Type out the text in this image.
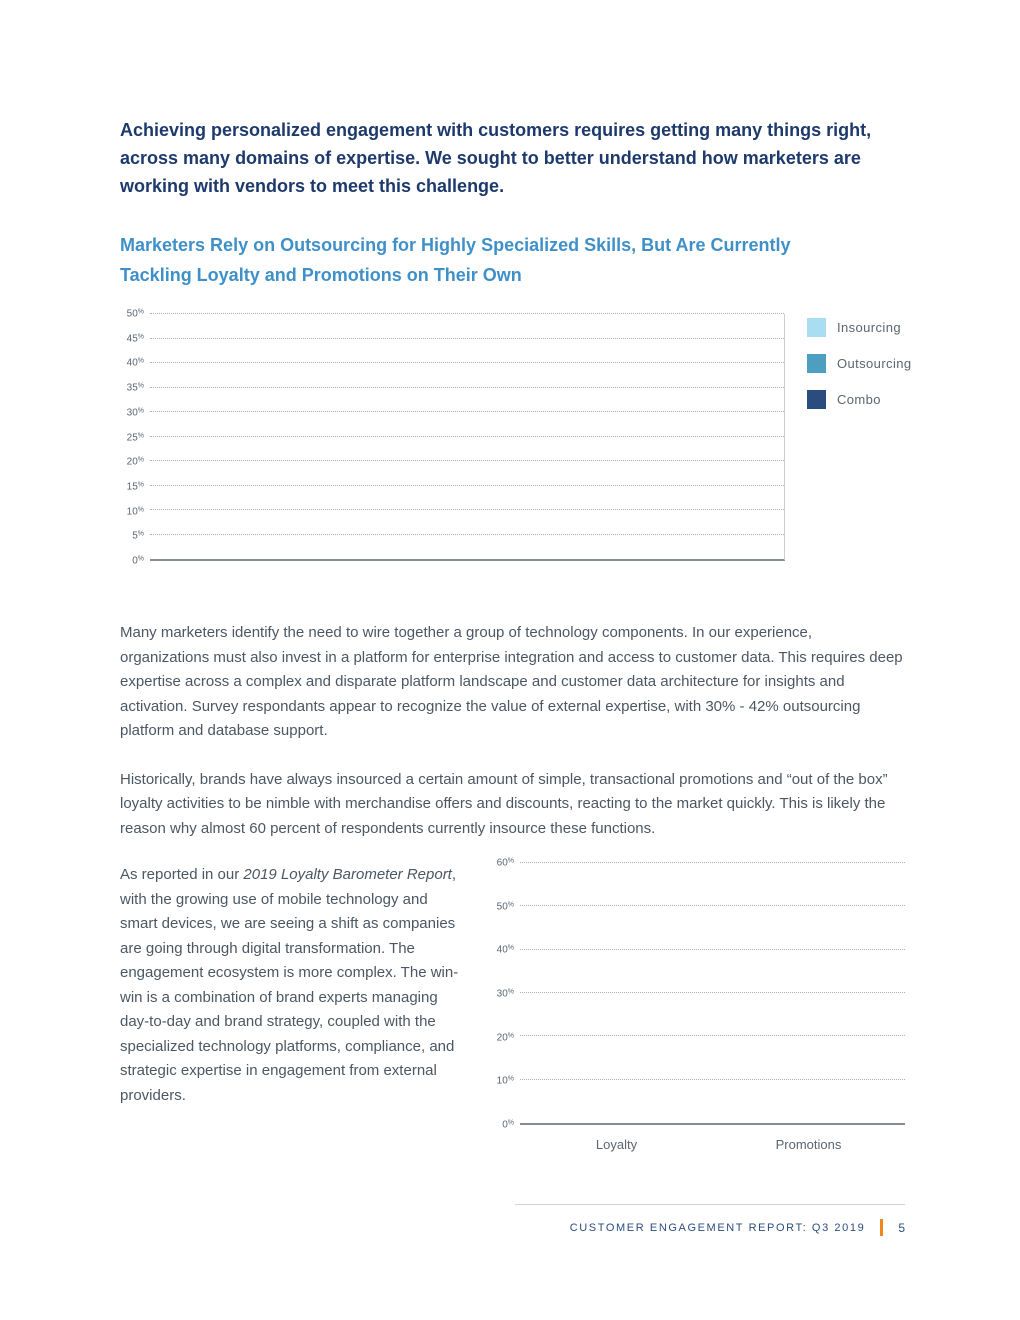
Achieving personalized engagement with customers requires getting many things right, across many domains of expertise. We sought to better understand how marketers are working with vendors to meet this challenge.
Marketers Rely on Outsourcing for Highly Specialized Skills, But Are Currently Tackling Loyalty and Promotions on Their Own
50%
45%
40%
35%
30%
25%
20%
15%
10%
5%
0%
Insourcing
Outsourcing
Combo
Many marketers identify the need to wire together a group of technology components. In our experience, organizations must also invest in a platform for enterprise integration and access to customer data. This requires deep expertise across a complex and disparate platform landscape and customer data architecture for insights and activation. Survey respondants appear to recognize the value of external expertise, with 30% - 42% outsourcing platform and database support.
Historically, brands have always insourced a certain amount of simple, transactional promotions and “out of the box” loyalty activities to be nimble with merchandise offers and discounts, reacting to the market quickly. This is likely the reason why almost 60 percent of respondents currently insource these functions.
As reported in our 2019 Loyalty Barometer Report, with the growing use of mobile technology and smart devices, we are seeing a shift as companies are going through digital transformation. The engagement ecosystem is more complex. The win-win is a combination of brand experts managing day-to-day and brand strategy, coupled with the specialized technology platforms, compliance, and strategic expertise in engagement from external providers.
60%
50%
40%
30%
20%
10%
0%
Loyalty	Promotions
CUSTOMER ENGAGEMENT REPORT: Q3 2019	5
